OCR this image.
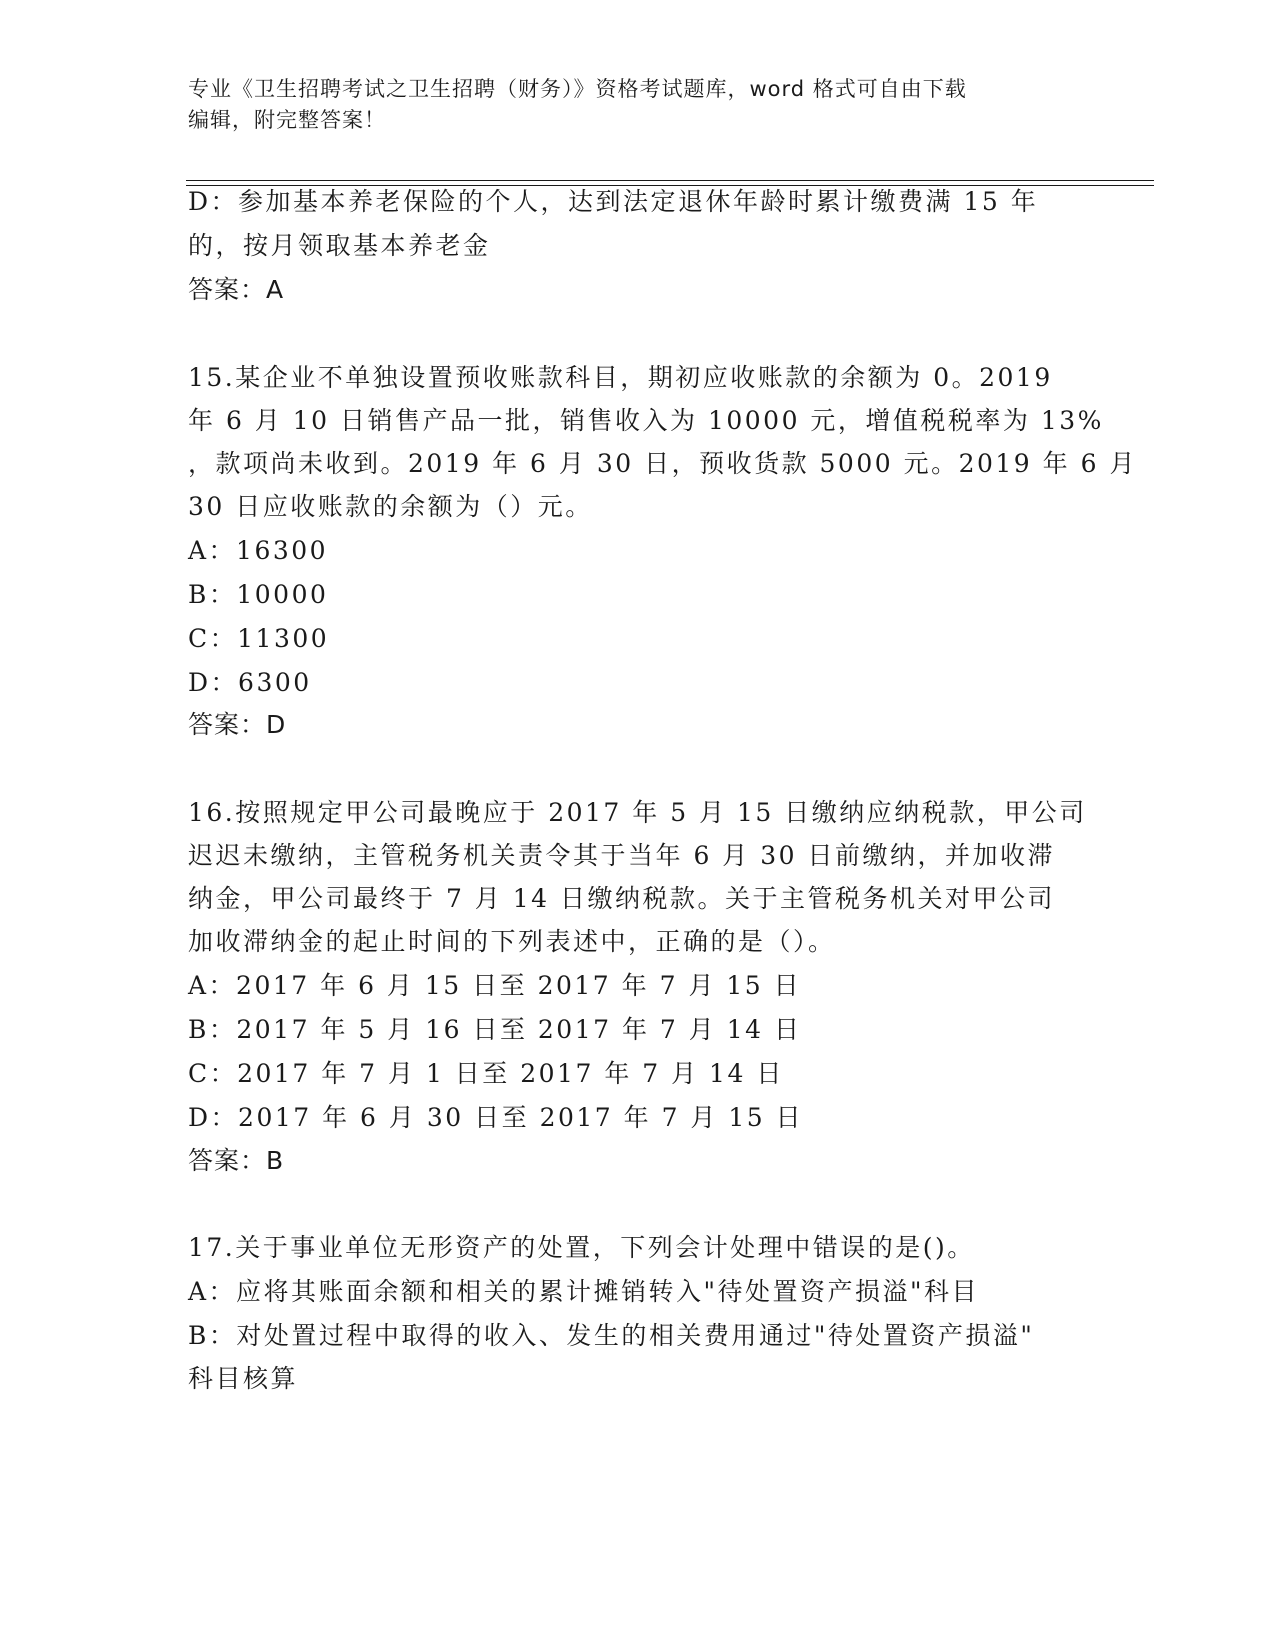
专业《卫生招聘考试之卫生招聘（财务）》资格考试题库，word 格式可自由下载
编辑，附完整答案！
D：参加基本养老保险的个人，达到法定退休年龄时累计缴费满 15 年
的，按月领取基本养老金
答案：A
15.某企业不单独设置预收账款科目，期初应收账款的余额为 0。2019
年 6 月 10 日销售产品一批，销售收入为 10000 元，增值税税率为 13%
，款项尚未收到。2019 年 6 月 30 日，预收货款 5000 元。2019 年 6 月
30 日应收账款的余额为（）元。
A：16300
B：10000
C：11300
D：6300
答案：D
16.按照规定甲公司最晚应于 2017 年 5 月 15 日缴纳应纳税款，甲公司
迟迟未缴纳，主管税务机关责令其于当年 6 月 30 日前缴纳，并加收滞
纳金，甲公司最终于 7 月 14 日缴纳税款。关于主管税务机关对甲公司
加收滞纳金的起止时间的下列表述中，正确的是（）。
A：2017 年 6 月 15 日至 2017 年 7 月 15 日
B：2017 年 5 月 16 日至 2017 年 7 月 14 日
C：2017 年 7 月 1 日至 2017 年 7 月 14 日
D：2017 年 6 月 30 日至 2017 年 7 月 15 日
答案：B
17.关于事业单位无形资产的处置，下列会计处理中错误的是()。
A：应将其账面余额和相关的累计摊销转入"待处置资产损溢"科目
B：对处置过程中取得的收入、发生的相关费用通过"待处置资产损溢"
科目核算
